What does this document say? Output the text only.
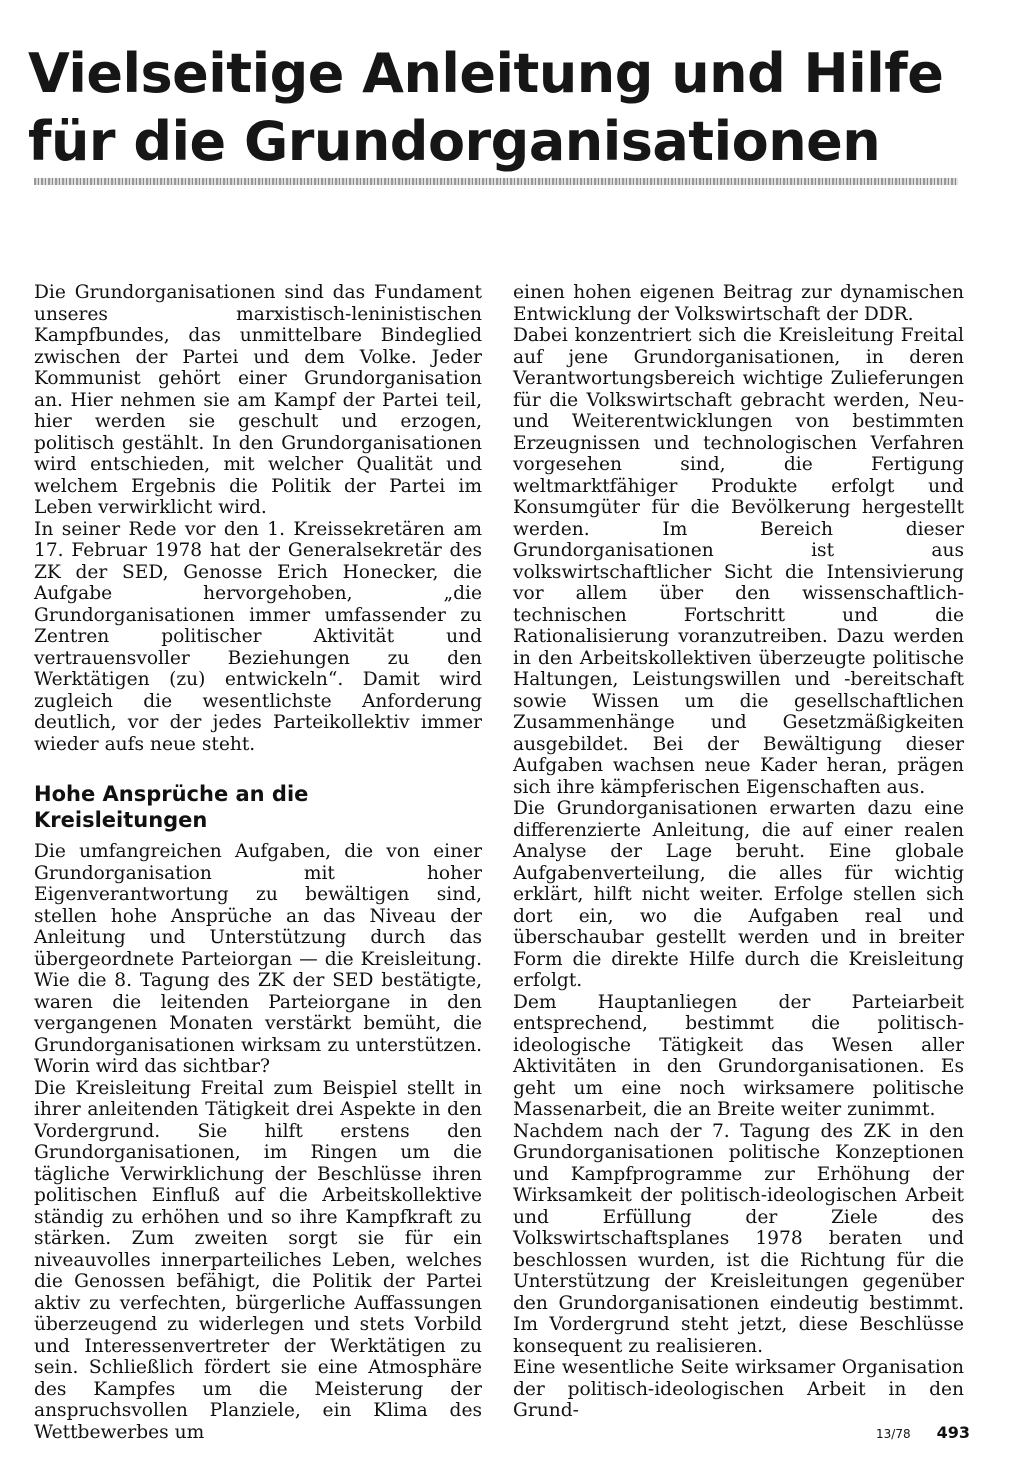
Vielseitige Anleitung und Hilfe für die Grundorganisationen

Die Grundorganisationen sind das Fundament unseres marxistisch-leninistischen Kampfbundes, das unmittelbare Bindeglied zwischen der Partei und dem Volke. Jeder Kommunist gehört einer Grundorganisation an. Hier nehmen sie am Kampf der Partei teil, hier werden sie geschult und erzogen, politisch gestählt. In den Grundorganisationen wird entschieden, mit welcher Qualität und welchem Ergebnis die Politik der Partei im Leben verwirklicht wird.

In seiner Rede vor den 1. Kreissekretären am 17. Februar 1978 hat der Generalsekretär des ZK der SED, Genosse Erich Honecker, die Aufgabe hervorgehoben, „die Grundorganisationen immer umfassender zu Zentren politischer Aktivität und vertrauensvoller Beziehungen zu den Werktätigen (zu) entwickeln“. Damit wird zugleich die wesentlichste Anforderung deutlich, vor der jedes Parteikollektiv immer wieder aufs neue steht.

Hohe Ansprüche an die Kreisleitungen

Die umfangreichen Aufgaben, die von einer Grundorganisation mit hoher Eigenverantwortung zu bewältigen sind, stellen hohe Ansprüche an das Niveau der Anleitung und Unterstützung durch das übergeordnete Parteiorgan — die Kreisleitung. Wie die 8. Tagung des ZK der SED bestätigte, waren die leitenden Parteiorgane in den vergangenen Monaten verstärkt bemüht, die Grundorganisationen wirksam zu unterstützen. Worin wird das sichtbar?

Die Kreisleitung Freital zum Beispiel stellt in ihrer anleitenden Tätigkeit drei Aspekte in den Vordergrund. Sie hilft erstens den Grundorganisationen, im Ringen um die tägliche Verwirklichung der Beschlüsse ihren politischen Einfluß auf die Arbeitskollektive ständig zu erhöhen und so ihre Kampfkraft zu stärken. Zum zweiten sorgt sie für ein niveauvolles innerparteiliches Leben, welches die Genossen befähigt, die Politik der Partei aktiv zu verfechten, bürgerliche Auffassungen überzeugend zu widerlegen und stets Vorbild und Interessenvertreter der Werktätigen zu sein. Schließlich fördert sie eine Atmosphäre des Kampfes um die Meisterung der anspruchsvollen Planziele, ein Klima des Wettbewerbes um

einen hohen eigenen Beitrag zur dynamischen Entwicklung der Volkswirtschaft der DDR.

Dabei konzentriert sich die Kreisleitung Freital auf jene Grundorganisationen, in deren Verantwortungsbereich wichtige Zulieferungen für die Volkswirtschaft gebracht werden, Neu- und Weiterentwicklungen von bestimmten Erzeugnissen und technologischen Verfahren vorgesehen sind, die Fertigung weltmarktfähiger Produkte erfolgt und Konsumgüter für die Bevölkerung hergestellt werden. Im Bereich dieser Grundorganisationen ist aus volkswirtschaftlicher Sicht die Intensivierung vor allem über den wissenschaftlich-technischen Fortschritt und die Rationalisierung voranzutreiben. Dazu werden in den Arbeitskollektiven überzeugte politische Haltungen, Leistungswillen und -bereitschaft sowie Wissen um die gesellschaftlichen Zusammenhänge und Gesetzmäßigkeiten ausgebildet. Bei der Bewältigung dieser Aufgaben wachsen neue Kader heran, prägen sich ihre kämpferischen Eigenschaften aus.

Die Grundorganisationen erwarten dazu eine differenzierte Anleitung, die auf einer realen Analyse der Lage beruht. Eine globale Aufgabenverteilung, die alles für wichtig erklärt, hilft nicht weiter. Erfolge stellen sich dort ein, wo die Aufgaben real und überschaubar gestellt werden und in breiter Form die direkte Hilfe durch die Kreisleitung erfolgt.

Dem Hauptanliegen der Parteiarbeit entsprechend, bestimmt die politisch-ideologische Tätigkeit das Wesen aller Aktivitäten in den Grundorganisationen. Es geht um eine noch wirksamere politische Massenarbeit, die an Breite weiter zunimmt.

Nachdem nach der 7. Tagung des ZK in den Grundorganisationen politische Konzeptionen und Kampfprogramme zur Erhöhung der Wirksamkeit der politisch-ideologischen Arbeit und Erfüllung der Ziele des Volkswirtschaftsplanes 1978 beraten und beschlossen wurden, ist die Richtung für die Unterstützung der Kreisleitungen gegenüber den Grundorganisationen eindeutig bestimmt. Im Vordergrund steht jetzt, diese Beschlüsse konsequent zu realisieren.

Eine wesentliche Seite wirksamer Organisation der politisch-ideologischen Arbeit in den Grund-

13/78 493
